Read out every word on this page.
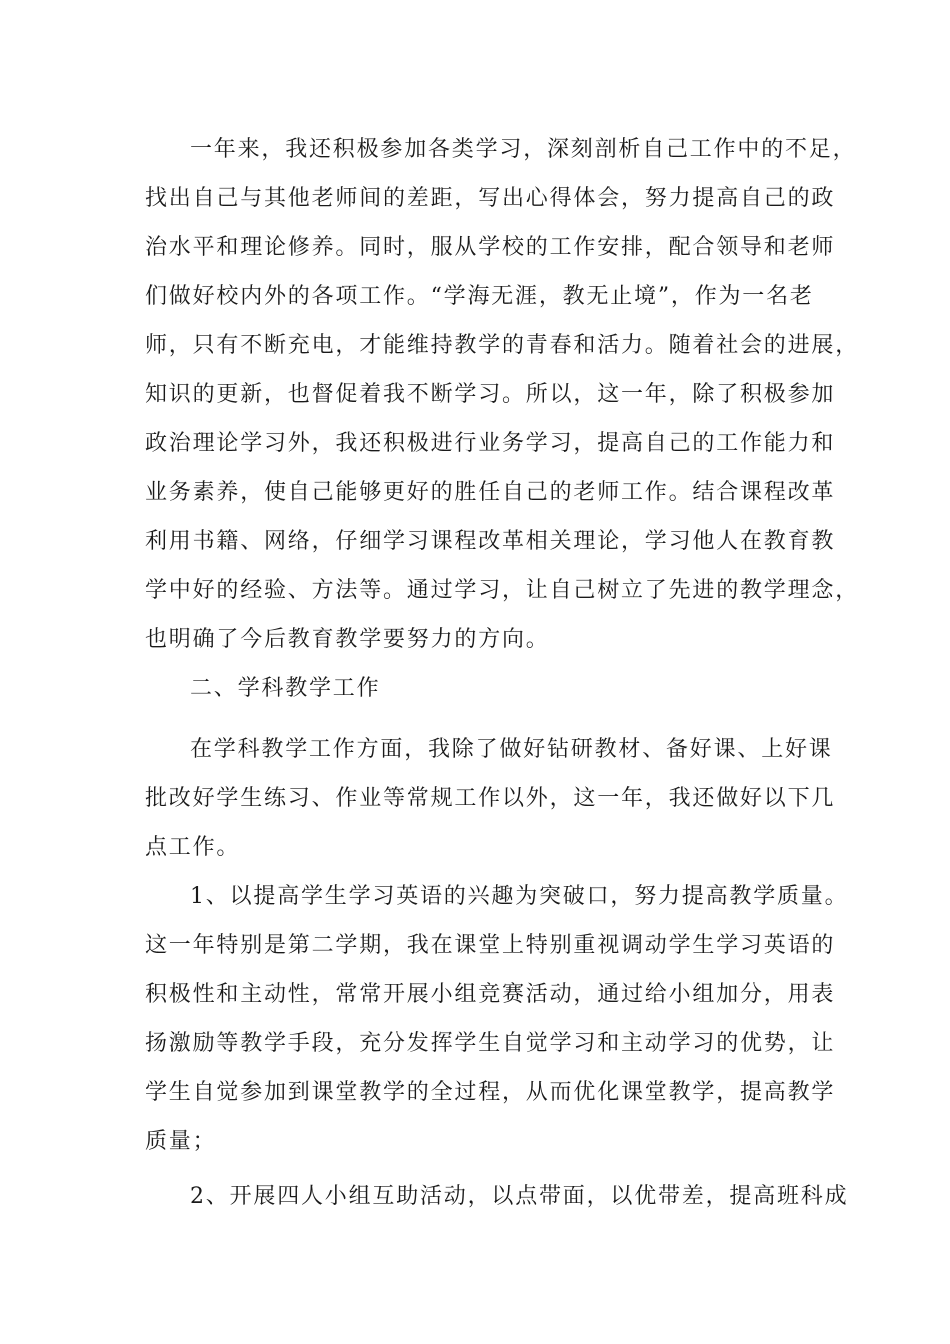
一年来，我还积极参加各类学习，深刻剖析自己工作中的不足，
找出自己与其他老师间的差距，写出心得体会，努力提高自己的政
治水平和理论修养。同时，服从学校的工作安排，配合领导和老师
们做好校内外的各项工作。“学海无涯，教无止境”，作为一名老
师，只有不断充电，才能维持教学的青春和活力。随着社会的进展，
知识的更新，也督促着我不断学习。所以，这一年，除了积极参加
政治理论学习外，我还积极进行业务学习，提高自己的工作能力和
业务素养，使自己能够更好的胜任自己的老师工作。结合课程改革
利用书籍、网络，仔细学习课程改革相关理论，学习他人在教育教
学中好的经验、方法等。通过学习，让自己树立了先进的教学理念，
也明确了今后教育教学要努力的方向。
二、学科教学工作
在学科教学工作方面，我除了做好钻研教材、备好课、上好课
批改好学生练习、作业等常规工作以外，这一年，我还做好以下几
点工作。
1、以提高学生学习英语的兴趣为突破口，努力提高教学质量。
这一年特别是第二学期，我在课堂上特别重视调动学生学习英语的
积极性和主动性，常常开展小组竞赛活动，通过给小组加分，用表
扬激励等教学手段，充分发挥学生自觉学习和主动学习的优势，让
学生自觉参加到课堂教学的全过程，从而优化课堂教学，提高教学
质量；
2、开展四人小组互助活动，以点带面，以优带差，提高班科成
